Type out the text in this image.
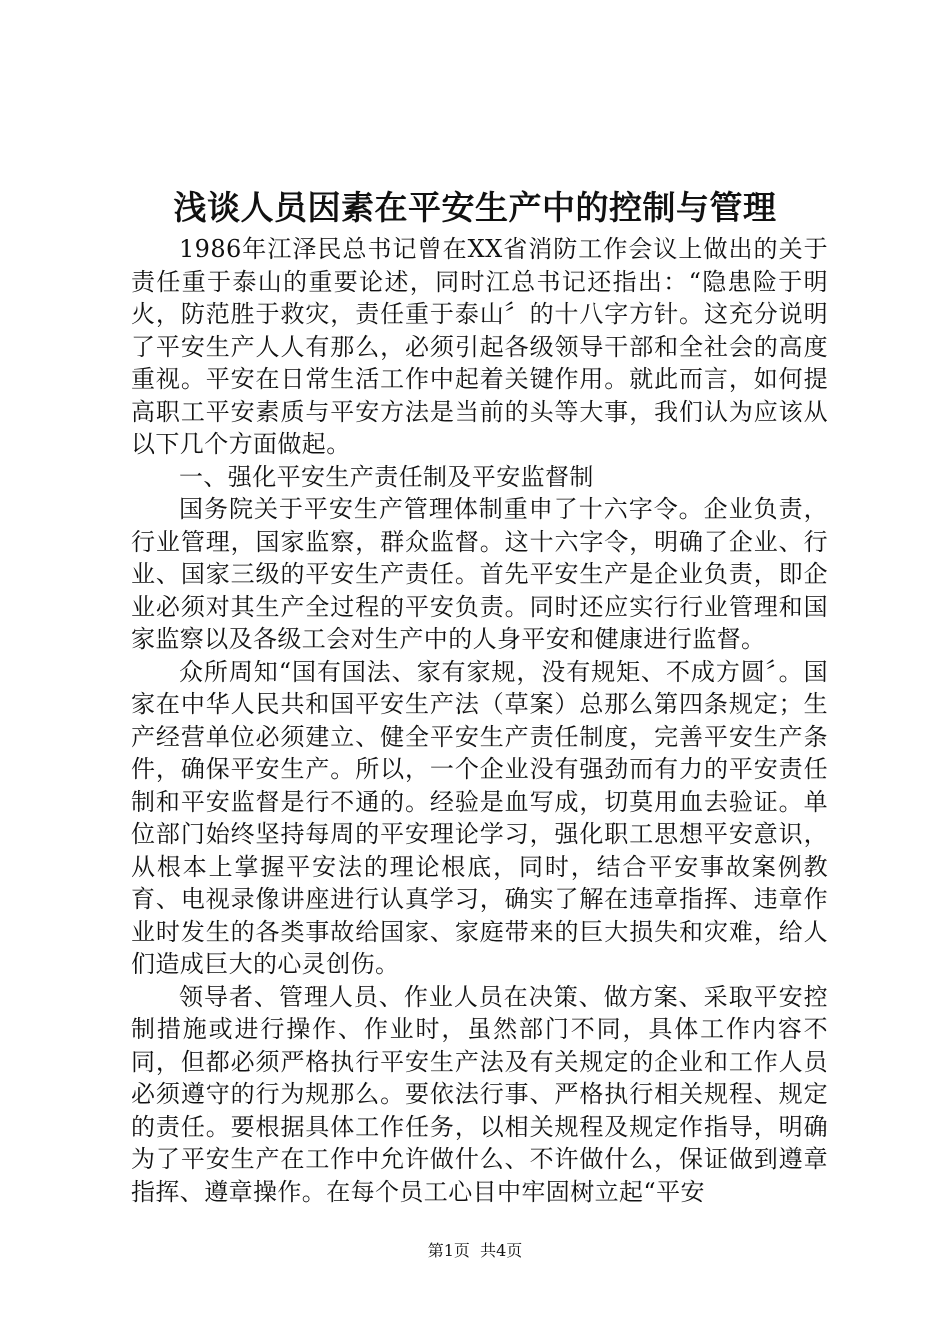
浅谈人员因素在平安生产中的控制与管理

1986年江泽民总书记曾在XX省消防工作会议上做出的关于责任重于泰山的重要论述，同时江总书记还指出：“隐患险于明火，防范胜于救灾，责任重于泰山〞的十八字方针。这充分说明了平安生产人人有那么，必须引起各级领导干部和全社会的高度重视。平安在日常生活工作中起着关键作用。就此而言，如何提高职工平安素质与平安方法是当前的头等大事，我们认为应该从以下几个方面做起。

一、强化平安生产责任制及平安监督制

国务院关于平安生产管理体制重申了十六字令。企业负责，行业管理，国家监察，群众监督。这十六字令，明确了企业、行业、国家三级的平安生产责任。首先平安生产是企业负责，即企业必须对其生产全过程的平安负责。同时还应实行行业管理和国家监察以及各级工会对生产中的人身平安和健康进行监督。

众所周知“国有国法、家有家规，没有规矩、不成方圆〞。国家在中华人民共和国平安生产法（草案）总那么第四条规定；生产经营单位必须建立、健全平安生产责任制度，完善平安生产条件，确保平安生产。所以，一个企业没有强劲而有力的平安责任制和平安监督是行不通的。经验是血写成，切莫用血去验证。单位部门始终坚持每周的平安理论学习，强化职工思想平安意识，从根本上掌握平安法的理论根底，同时，结合平安事故案例教育、电视录像讲座进行认真学习，确实了解在违章指挥、违章作业时发生的各类事故给国家、家庭带来的巨大损失和灾难，给人们造成巨大的心灵创伤。

领导者、管理人员、作业人员在决策、做方案、采取平安控制措施或进行操作、作业时，虽然部门不同，具体工作内容不同，但都必须严格执行平安生产法及有关规定的企业和工作人员必须遵守的行为规那么。要依法行事、严格执行相关规程、规定的责任。要根据具体工作任务，以相关规程及规定作指导，明确为了平安生产在工作中允许做什么、不许做什么，保证做到遵章指挥、遵章操作。在每个员工心目中牢固树立起“平安

第1页 共4页
